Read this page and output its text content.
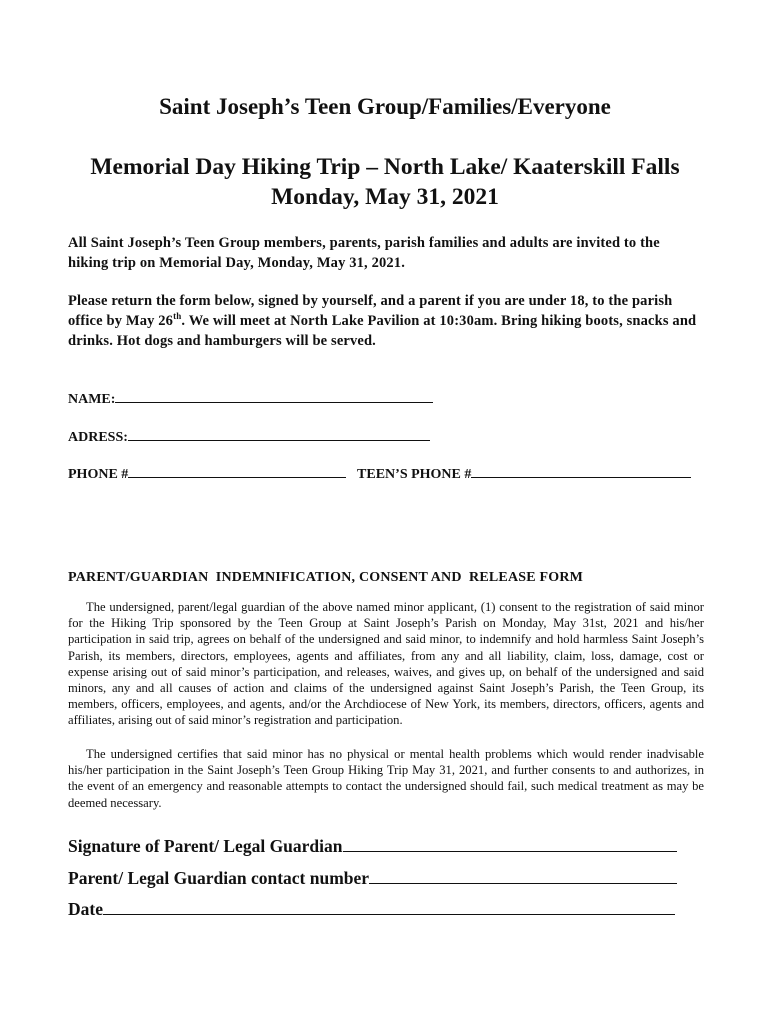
Saint Joseph’s Teen Group/Families/Everyone
Memorial Day Hiking Trip – North Lake/ Kaaterskill Falls
Monday, May 31, 2021
All Saint Joseph’s Teen Group members, parents, parish families and adults are invited to the hiking trip on Memorial Day, Monday, May 31, 2021.
Please return the form below, signed by yourself, and a parent if you are under 18, to the parish office by May 26th. We will meet at North Lake Pavilion at 10:30am. Bring hiking boots, snacks and drinks. Hot dogs and hamburgers will be served.
NAME:
ADRESS:
PHONE #	TEEN’S PHONE #
PARENT/GUARDIAN  INDEMNIFICATION, CONSENT AND  RELEASE FORM
The undersigned, parent/legal guardian of the above named minor applicant, (1) consent to the registration of said minor for the Hiking Trip sponsored by the Teen Group at Saint Joseph’s Parish on Monday, May 31st, 2021 and his/her participation in said trip, agrees on behalf of the undersigned and said minor, to indemnify and hold harmless Saint Joseph’s Parish, its members, directors, employees, agents and affiliates, from any and all liability, claim, loss, damage, cost or expense arising out of said minor’s participation, and releases, waives, and gives up, on behalf of the undersigned and said minors, any and all causes of action and claims of the undersigned against Saint Joseph’s Parish, the Teen Group, its members, officers, employees, and agents, and/or the Archdiocese of New York, its members, directors, officers, agents and affiliates, arising out of said minor’s registration and participation.
The undersigned certifies that said minor has no physical or mental health problems which would render inadvisable his/her participation in the Saint Joseph’s Teen Group Hiking Trip May 31, 2021, and further consents to and authorizes, in the event of an emergency and reasonable attempts to contact the undersigned should fail, such medical treatment as may be deemed necessary.
Signature of Parent/ Legal Guardian
Parent/ Legal Guardian contact number
Date
